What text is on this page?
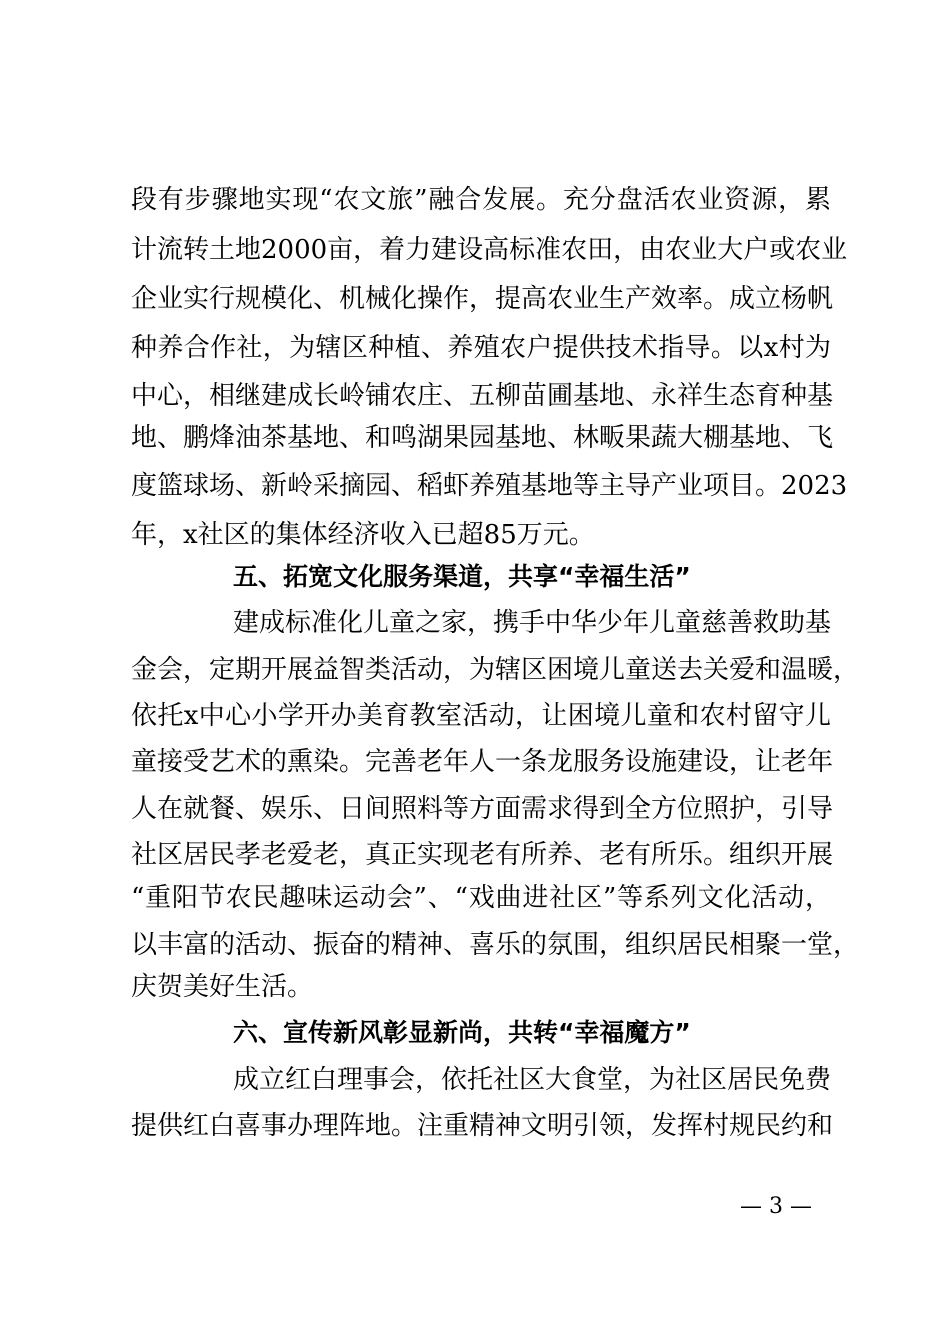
段有步骤地实现“农文旅”融合发展。充分盘活农业资源，累
计流转土地2000亩，着力建设高标准农田，由农业大户或农业
企业实行规模化、机械化操作，提高农业生产效率。成立杨帆
种养合作社，为辖区种植、养殖农户提供技术指导。以x村为
中心，相继建成长岭铺农庄、五柳苗圃基地、永祥生态育种基
地、鹏烽油茶基地、和鸣湖果园基地、林畈果蔬大棚基地、飞
度篮球场、新岭采摘园、稻虾养殖基地等主导产业项目。2023
年，x社区的集体经济收入已超85万元。
五、拓宽文化服务渠道，共享“幸福生活”
建成标准化儿童之家，携手中华少年儿童慈善救助基
金会，定期开展益智类活动，为辖区困境儿童送去关爱和温暖，
依托x中心小学开办美育教室活动，让困境儿童和农村留守儿
童接受艺术的熏染。完善老年人一条龙服务设施建设，让老年
人在就餐、娱乐、日间照料等方面需求得到全方位照护，引导
社区居民孝老爱老，真正实现老有所养、老有所乐。组织开展
“重阳节农民趣味运动会”、“戏曲进社区”等系列文化活动，
以丰富的活动、振奋的精神、喜乐的氛围，组织居民相聚一堂，
庆贺美好生活。
六、宣传新风彰显新尚，共转“幸福魔方”
成立红白理事会，依托社区大食堂，为社区居民免费
提供红白喜事办理阵地。注重精神文明引领，发挥村规民约和
— 3 —
